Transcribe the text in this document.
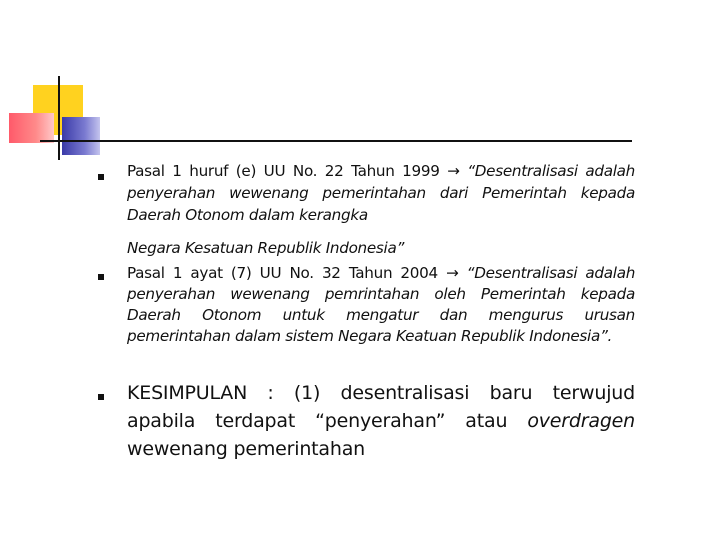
Pasal 1 huruf (e) UU No. 22 Tahun 1999 → “Desentralisasi adalah penyerahan wewenang pemerintahan dari Pemerintah kepada Daerah Otonom dalam kerangka
Negara Kesatuan Republik Indonesia”

Pasal 1 ayat (7) UU No. 32 Tahun 2004 → “Desentralisasi adalah penyerahan wewenang pemrintahan oleh Pemerintah kepada Daerah Otonom untuk mengatur dan mengurus urusan pemerintahan dalam sistem Negara Keatuan Republik Indonesia”.

KESIMPULAN : (1) desentralisasi baru terwujud apabila terdapat “penyerahan” atau overdragen wewenang pemerintahan
